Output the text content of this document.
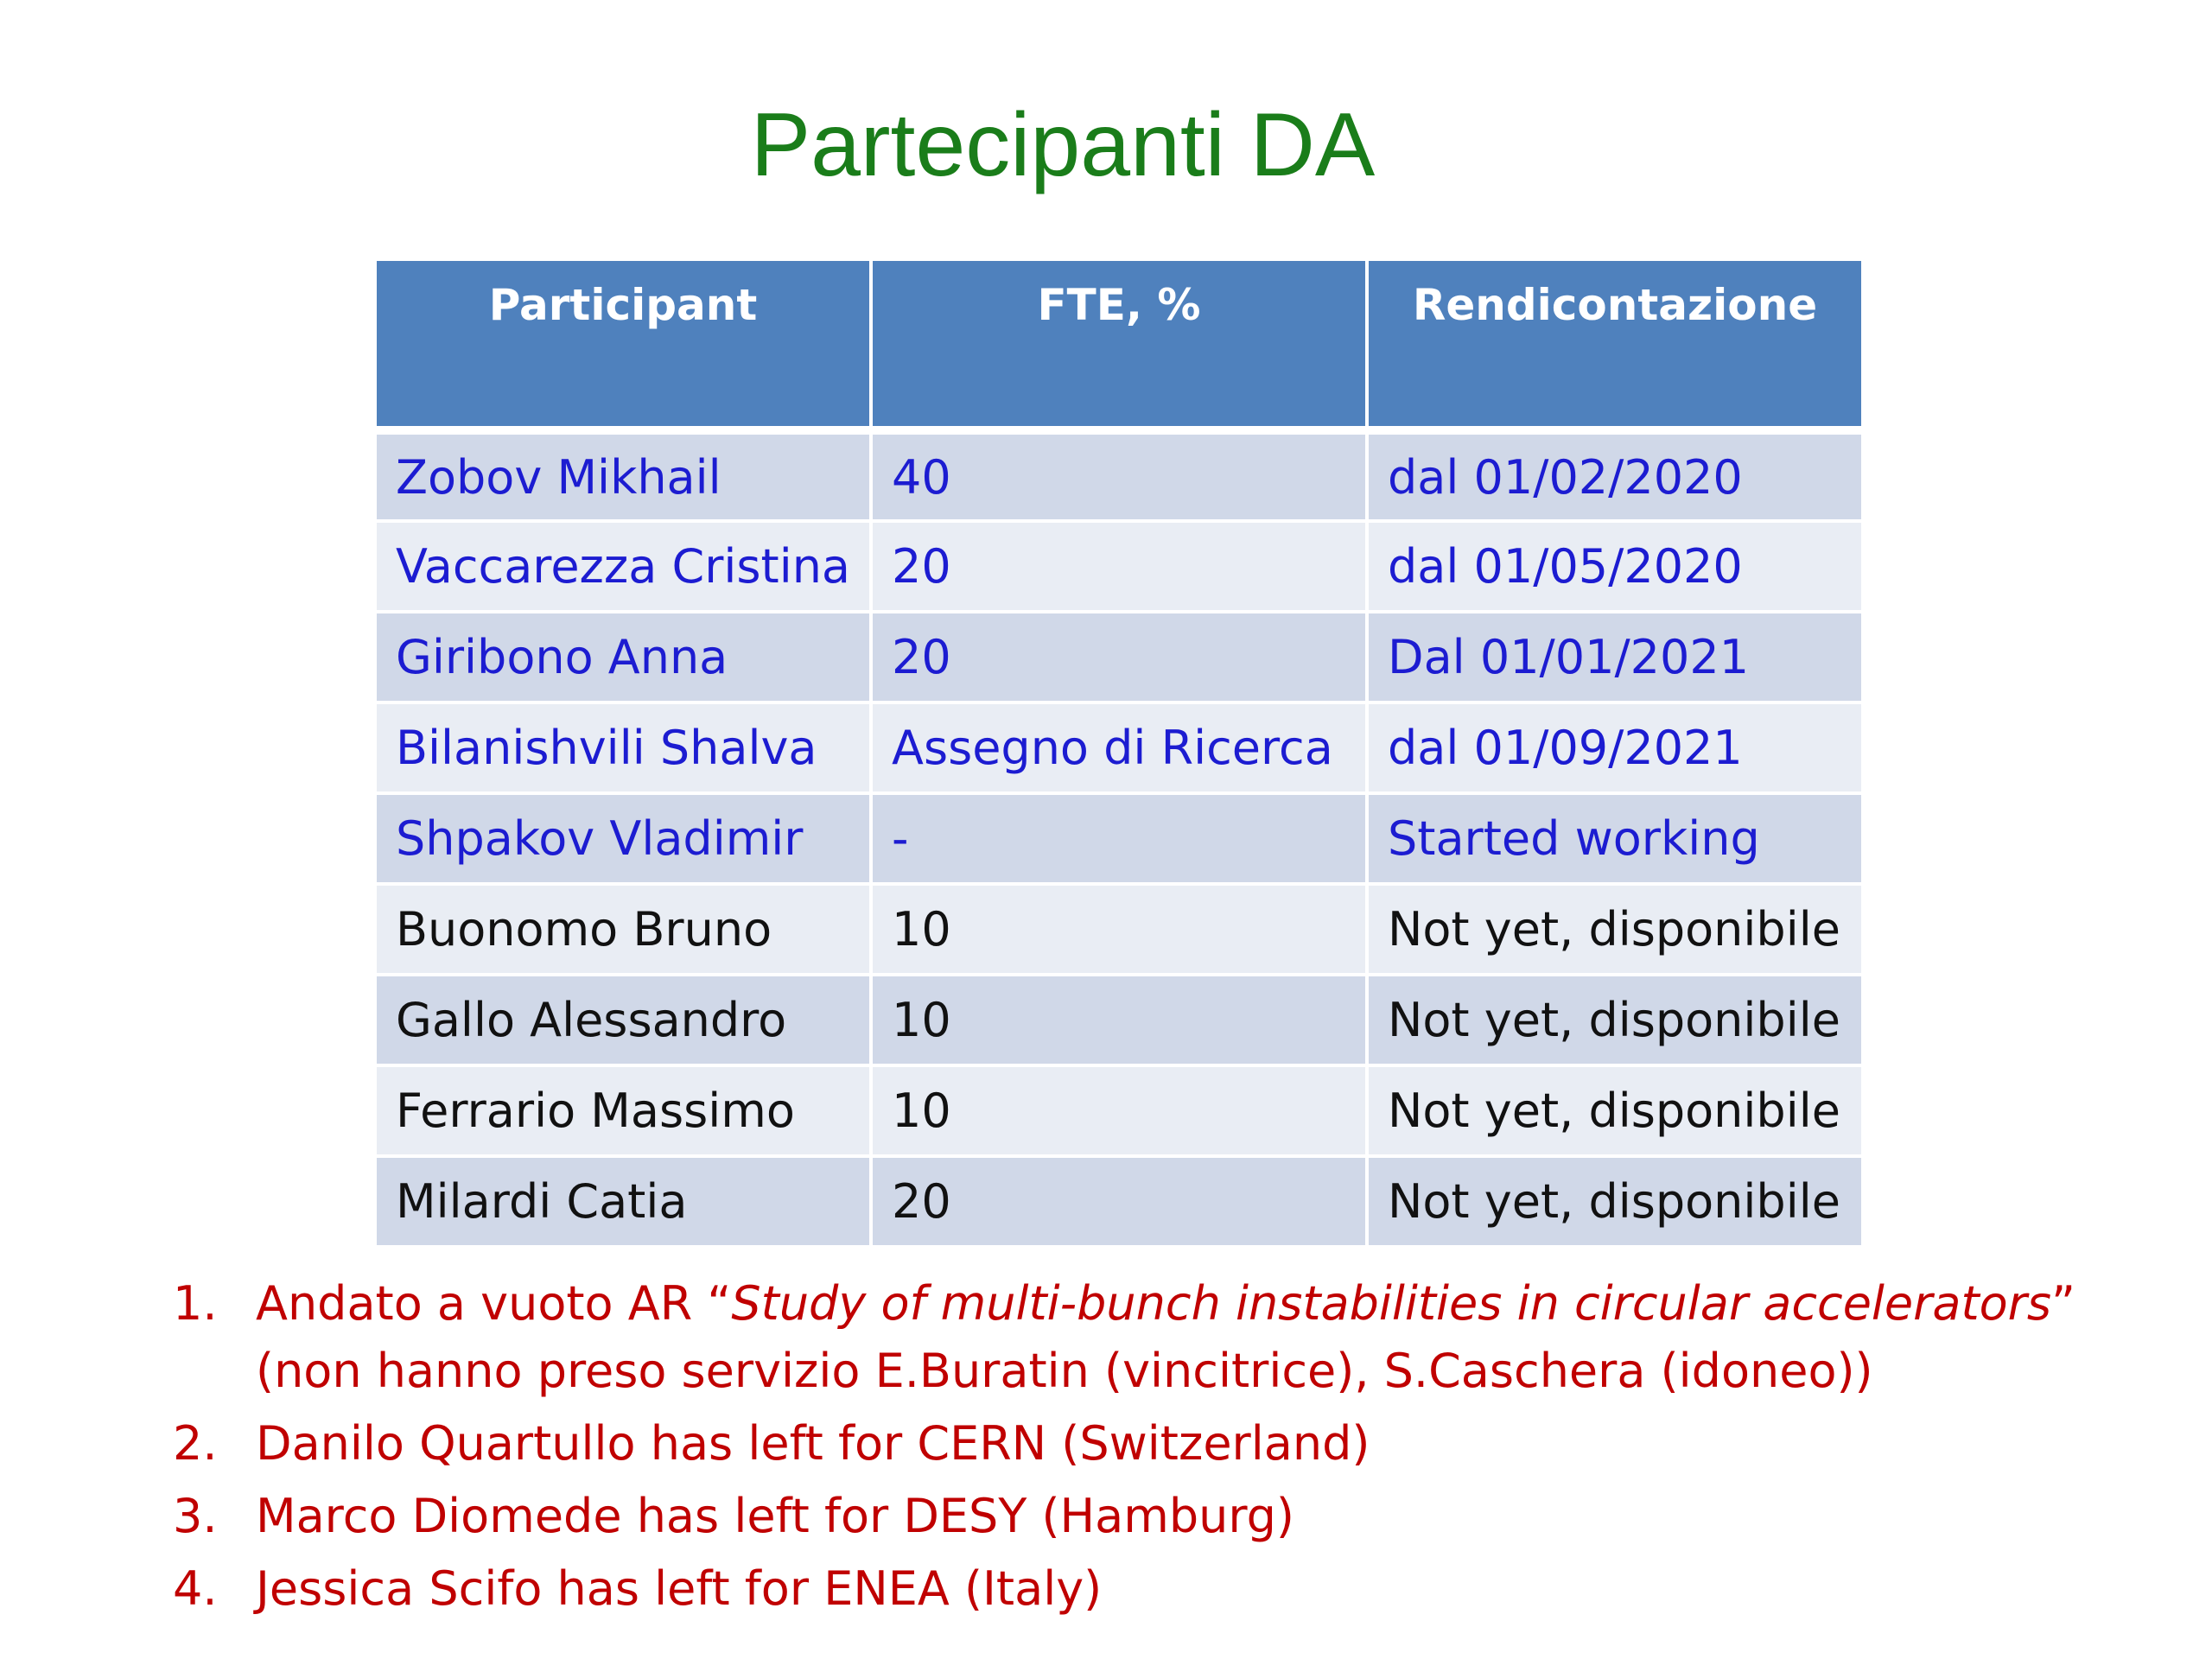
Partecipanti DA
Participant	FTE, %	Rendicontazione
Zobov Mikhail	40	dal 01/02/2020
Vaccarezza Cristina	20	dal 01/05/2020
Giribono Anna	20	Dal 01/01/2021
Bilanishvili Shalva	Assegno di Ricerca	dal 01/09/2021
Shpakov Vladimir	-	Started working
Buonomo Bruno	10	Not yet, disponibile
Gallo Alessandro	10	Not yet, disponibile
Ferrario Massimo	10	Not yet, disponibile
Milardi Catia	20	Not yet, disponibile
1. Andato a vuoto AR “Study of multi-bunch instabilities in circular accelerators”
(non hanno preso servizio E.Buratin (vincitrice), S.Caschera (idoneo))
2. Danilo Quartullo has left for CERN (Switzerland)
3. Marco Diomede has left for DESY (Hamburg)
4. Jessica Scifo has left for ENEA (Italy)
